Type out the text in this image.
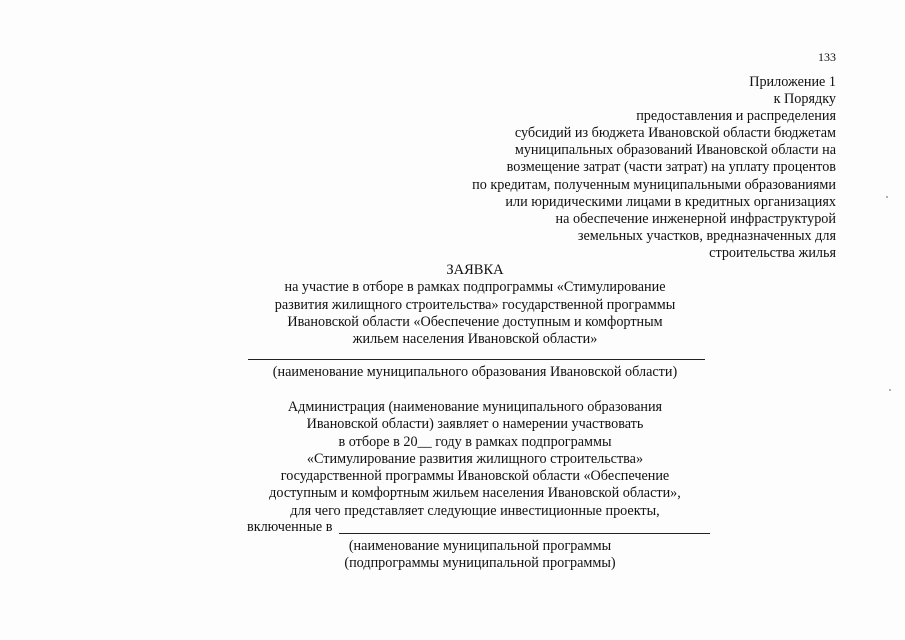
133
Приложение 1
к Порядку
предоставления и распределения
субсидий из бюджета Ивановской области бюджетам
муниципальных образований Ивановской области на
возмещение затрат (части затрат) на уплату процентов
по кредитам, полученным муниципальными образованиями
или юридическими лицами в кредитных организациях
на обеспечение инженерной инфраструктурой
земельных участков, вредназначенных для
строительства жилья
ЗАЯВКА
на участие в отборе в рамках подпрограммы «Стимулирование
развития жилищного строительства» государственной программы
Ивановской области «Обеспечение доступным и комфортным
жильем населения Ивановской области»
(наименование муниципального образования Ивановской области)
Администрация (наименование муниципального образования
Ивановской области) заявляет о намерении участвовать
в отборе в 20__ году в рамках подпрограммы
«Стимулирование развития жилищного строительства»
государственной программы Ивановской области «Обеспечение
доступным и комфортным жильем населения Ивановской области»,
для чего представляет следующие инвестиционные проекты,
включенные в
(наименование муниципальной программы
(подпрограммы муниципальной программы)
